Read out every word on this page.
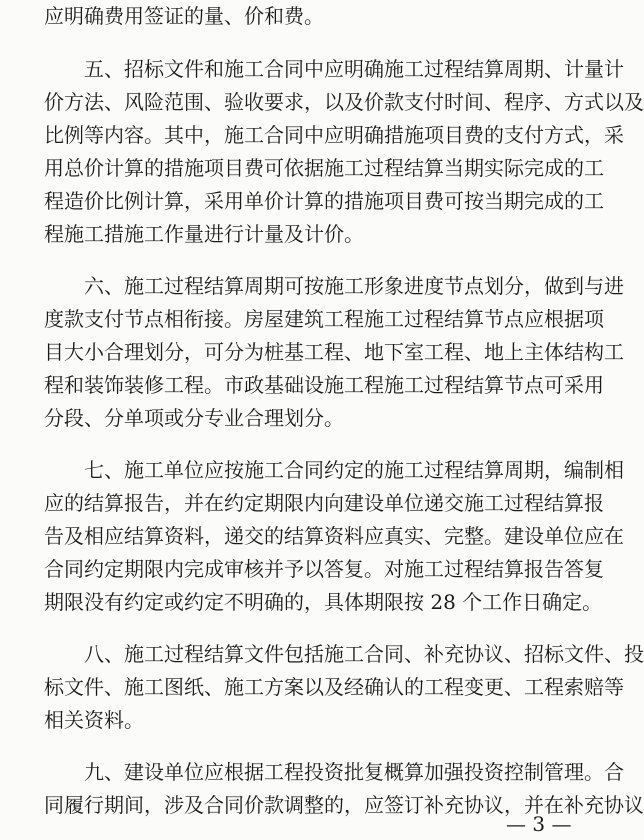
应明确费用签证的量、价和费。
五、招标文件和施工合同中应明确施工过程结算周期、计量计
价方法、风险范围、验收要求，以及价款支付时间、程序、方式以及
比例等内容。其中，施工合同中应明确措施项目费的支付方式，采
用总价计算的措施项目费可依据施工过程结算当期实际完成的工
程造价比例计算，采用单价计算的措施项目费可按当期完成的工
程施工措施工作量进行计量及计价。
六、施工过程结算周期可按施工形象进度节点划分，做到与进
度款支付节点相衔接。房屋建筑工程施工过程结算节点应根据项
目大小合理划分，可分为桩基工程、地下室工程、地上主体结构工
程和装饰装修工程。市政基础设施工程施工过程结算节点可采用
分段、分单项或分专业合理划分。
七、施工单位应按施工合同约定的施工过程结算周期，编制相
应的结算报告，并在约定期限内向建设单位递交施工过程结算报
告及相应结算资料，递交的结算资料应真实、完整。建设单位应在
合同约定期限内完成审核并予以答复。对施工过程结算报告答复
期限没有约定或约定不明确的，具体期限按 28 个工作日确定。
八、施工过程结算文件包括施工合同、补充协议、招标文件、投
标文件、施工图纸、施工方案以及经确认的工程变更、工程索赔等
相关资料。
九、建设单位应根据工程投资批复概算加强投资控制管理。合
同履行期间，涉及合同价款调整的，应签订补充协议，并在补充协议
— 3 —
